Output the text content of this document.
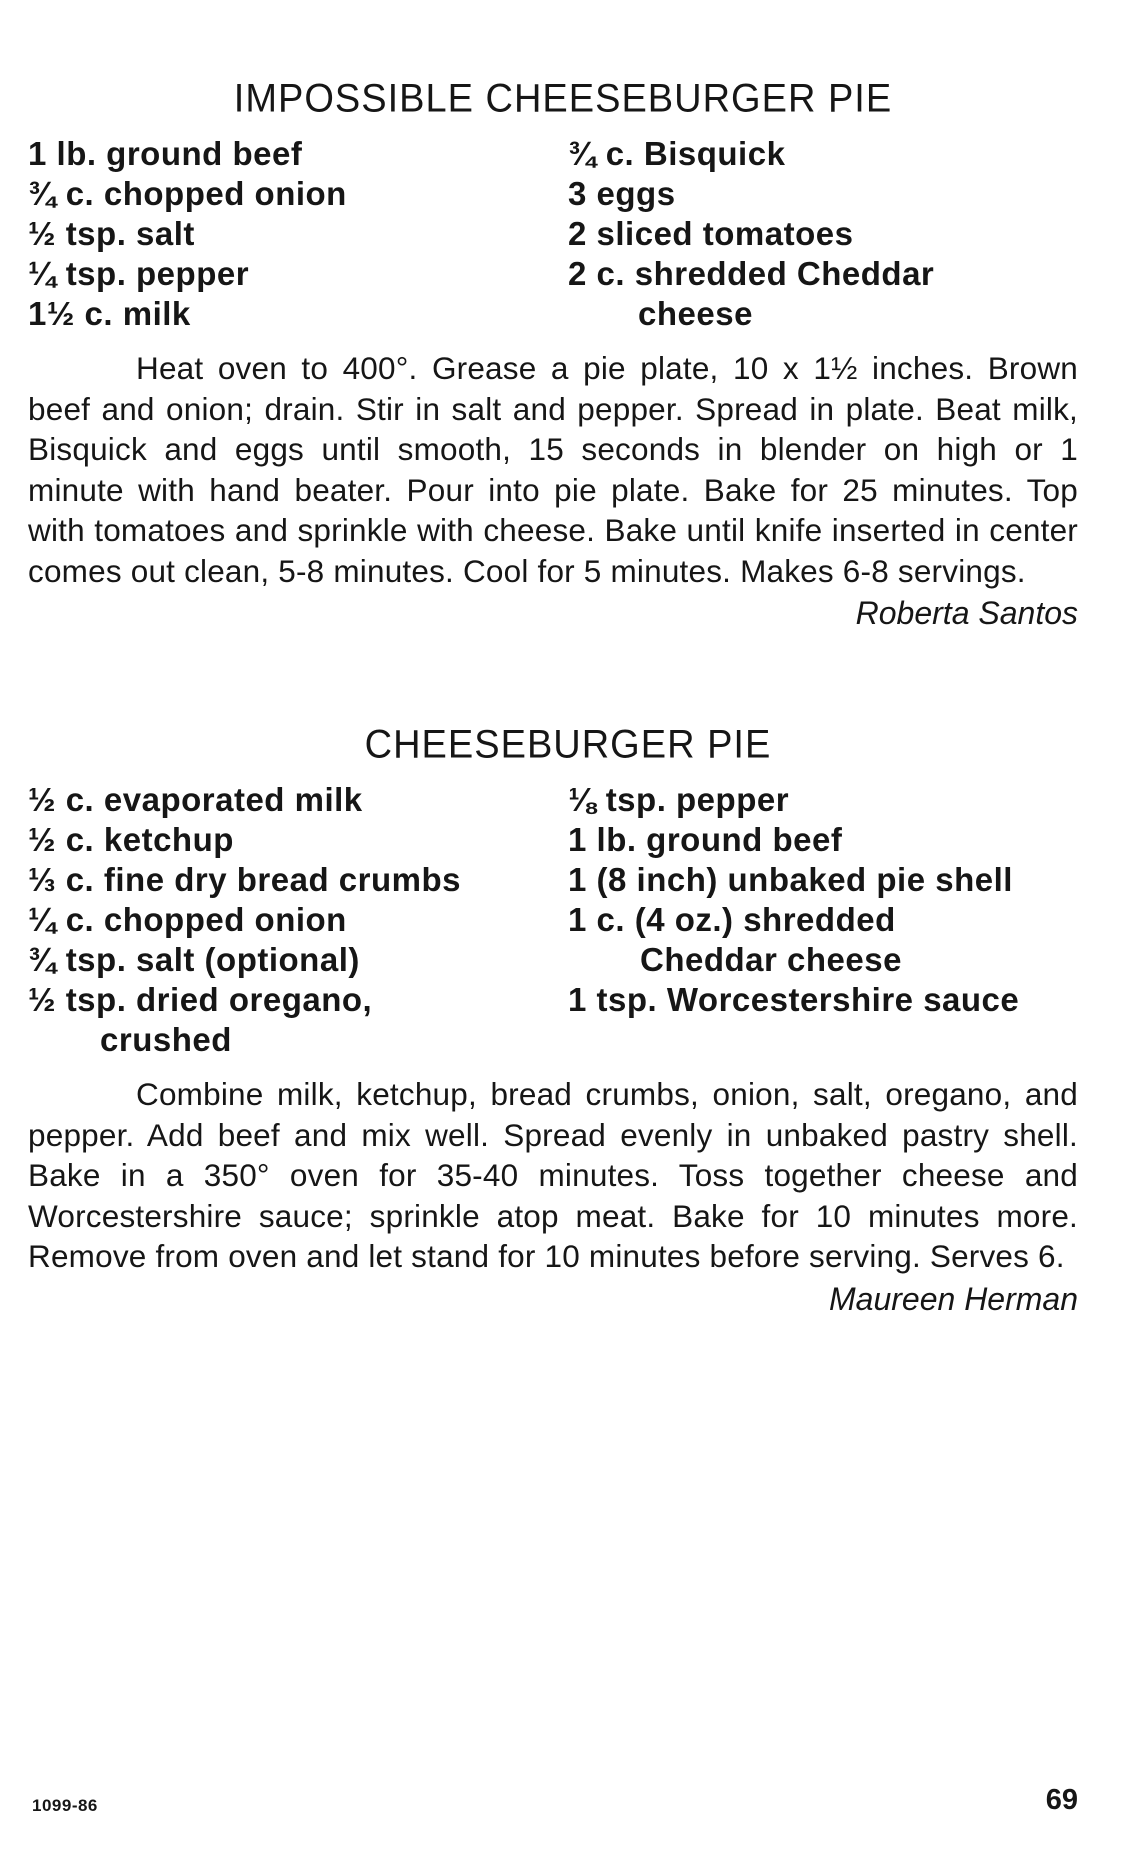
IMPOSSIBLE CHEESEBURGER PIE
1 lb. ground beef
¾ c. chopped onion
½ tsp. salt
¼ tsp. pepper
1½ c. milk
¾ c. Bisquick
3 eggs
2 sliced tomatoes
2 c. shredded Cheddar
cheese

Heat oven to 400°. Grease a pie plate, 10 x 1½ inches. Brown beef and onion; drain. Stir in salt and pepper. Spread in plate. Beat milk, Bisquick and eggs until smooth, 15 seconds in blender on high or 1 minute with hand beater. Pour into pie plate. Bake for 25 minutes. Top with tomatoes and sprinkle with cheese. Bake until knife inserted in center comes out clean, 5-8 minutes. Cool for 5 minutes. Makes 6-8 servings.

Roberta Santos
CHEESEBURGER PIE
½ c. evaporated milk
½ c. ketchup
⅓ c. fine dry bread crumbs
¼ c. chopped onion
¾ tsp. salt (optional)
½ tsp. dried oregano,
crushed
⅛ tsp. pepper
1 lb. ground beef
1 (8 inch) unbaked pie shell
1 c. (4 oz.) shredded
Cheddar cheese
1 tsp. Worcestershire sauce

Combine milk, ketchup, bread crumbs, onion, salt, oregano, and pepper. Add beef and mix well. Spread evenly in unbaked pastry shell. Bake in a 350° oven for 35-40 minutes. Toss together cheese and Worcestershire sauce; sprinkle atop meat. Bake for 10 minutes more. Remove from oven and let stand for 10 minutes before serving. Serves 6.

Maureen Herman
1099-86	69
